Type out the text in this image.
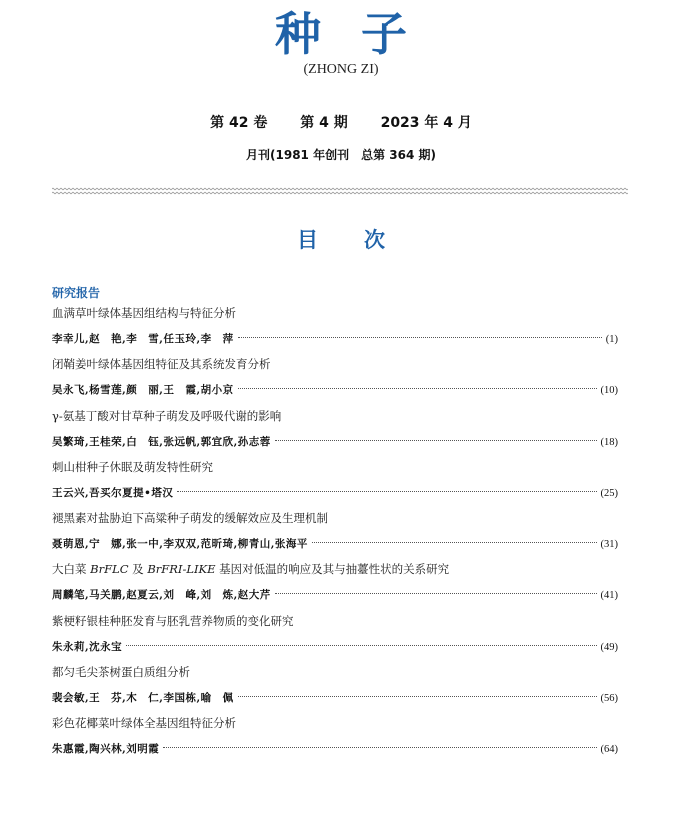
种子
(ZHONG ZI)
第 42 卷 第 4 期 2023 年 4 月
月刊(1981 年创刊　总第 364 期)
目次
研究报告
血满草叶绿体基因组结构与特征分析
李幸儿,赵　艳,李　雪,任玉玲,李　萍	(1)
闭鞘姜叶绿体基因组特征及其系统发育分析
吴永飞,杨雪莲,颜　丽,王　霞,胡小京	(10)
γ-氨基丁酸对甘草种子萌发及呼吸代谢的影响
吴繁琦,王桂荣,白　钰,张远帆,郭宜欣,孙志蓉	(18)
刺山柑种子休眠及萌发特性研究
王云兴,吾买尔夏提•塔汉	(25)
褪黑素对盐胁迫下高粱种子萌发的缓解效应及生理机制
聂萌恩,宁　娜,张一中,李双双,范昕琦,柳青山,张海平	(31)
大白菜 BrFLC 及 BrFRI-LIKE 基因对低温的响应及其与抽薹性状的关系研究
周麟笔,马关鹏,赵夏云,刘　峰,刘　炼,赵大芹	(41)
紫梗籽银桂种胚发育与胚乳营养物质的变化研究
朱永莉,沈永宝	(49)
都匀毛尖茶树蛋白质组分析
裴会敏,王　芬,木　仁,李国栋,喻　佩	(56)
彩色花椰菜叶绿体全基因组特征分析
朱惠霞,陶兴林,刘明霞	(64)
